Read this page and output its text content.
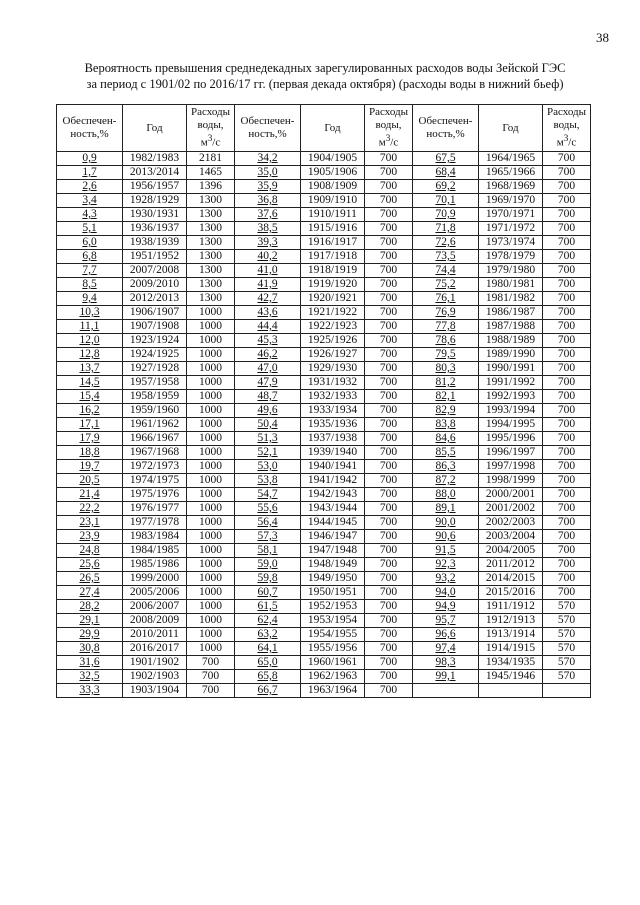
38
Вероятность превышения среднедекадных зарегулированных расходов воды Зейской ГЭС
за период с 1901/02 по 2016/17 гг. (первая декада октября) (расходы воды в нижний бьеф)
Обеспечен-
ность,%	Год	Расходы
воды,
$м^3/с$	Обеспечен-
ность,%	Год	Расходы
воды,
$м^3/с$	Обеспечен-
ность,%	Год	Расходы
воды,
$м^3/с$
0,9	1982/1983	2181	34,2	1904/1905	700	67,5	1964/1965	700
1,7	2013/2014	1465	35,0	1905/1906	700	68,4	1965/1966	700
2,6	1956/1957	1396	35,9	1908/1909	700	69,2	1968/1969	700
3,4	1928/1929	1300	36,8	1909/1910	700	70,1	1969/1970	700
4,3	1930/1931	1300	37,6	1910/1911	700	70,9	1970/1971	700
5,1	1936/1937	1300	38,5	1915/1916	700	71,8	1971/1972	700
6,0	1938/1939	1300	39,3	1916/1917	700	72,6	1973/1974	700
6,8	1951/1952	1300	40,2	1917/1918	700	73,5	1978/1979	700
7,7	2007/2008	1300	41,0	1918/1919	700	74,4	1979/1980	700
8,5	2009/2010	1300	41,9	1919/1920	700	75,2	1980/1981	700
9,4	2012/2013	1300	42,7	1920/1921	700	76,1	1981/1982	700
10,3	1906/1907	1000	43,6	1921/1922	700	76,9	1986/1987	700
11,1	1907/1908	1000	44,4	1922/1923	700	77,8	1987/1988	700
12,0	1923/1924	1000	45,3	1925/1926	700	78,6	1988/1989	700
12,8	1924/1925	1000	46,2	1926/1927	700	79,5	1989/1990	700
13,7	1927/1928	1000	47,0	1929/1930	700	80,3	1990/1991	700
14,5	1957/1958	1000	47,9	1931/1932	700	81,2	1991/1992	700
15,4	1958/1959	1000	48,7	1932/1933	700	82,1	1992/1993	700
16,2	1959/1960	1000	49,6	1933/1934	700	82,9	1993/1994	700
17,1	1961/1962	1000	50,4	1935/1936	700	83,8	1994/1995	700
17,9	1966/1967	1000	51,3	1937/1938	700	84,6	1995/1996	700
18,8	1967/1968	1000	52,1	1939/1940	700	85,5	1996/1997	700
19,7	1972/1973	1000	53,0	1940/1941	700	86,3	1997/1998	700
20,5	1974/1975	1000	53,8	1941/1942	700	87,2	1998/1999	700
21,4	1975/1976	1000	54,7	1942/1943	700	88,0	2000/2001	700
22,2	1976/1977	1000	55,6	1943/1944	700	89,1	2001/2002	700
23,1	1977/1978	1000	56,4	1944/1945	700	90,0	2002/2003	700
23,9	1983/1984	1000	57,3	1946/1947	700	90,6	2003/2004	700
24,8	1984/1985	1000	58,1	1947/1948	700	91,5	2004/2005	700
25,6	1985/1986	1000	59,0	1948/1949	700	92,3	2011/2012	700
26,5	1999/2000	1000	59,8	1949/1950	700	93,2	2014/2015	700
27,4	2005/2006	1000	60,7	1950/1951	700	94,0	2015/2016	700
28,2	2006/2007	1000	61,5	1952/1953	700	94,9	1911/1912	570
29,1	2008/2009	1000	62,4	1953/1954	700	95,7	1912/1913	570
29,9	2010/2011	1000	63,2	1954/1955	700	96,6	1913/1914	570
30,8	2016/2017	1000	64,1	1955/1956	700	97,4	1914/1915	570
31,6	1901/1902	700	65,0	1960/1961	700	98,3	1934/1935	570
32,5	1902/1903	700	65,8	1962/1963	700	99,1	1945/1946	570
33,3	1903/1904	700	66,7	1963/1964	700			
